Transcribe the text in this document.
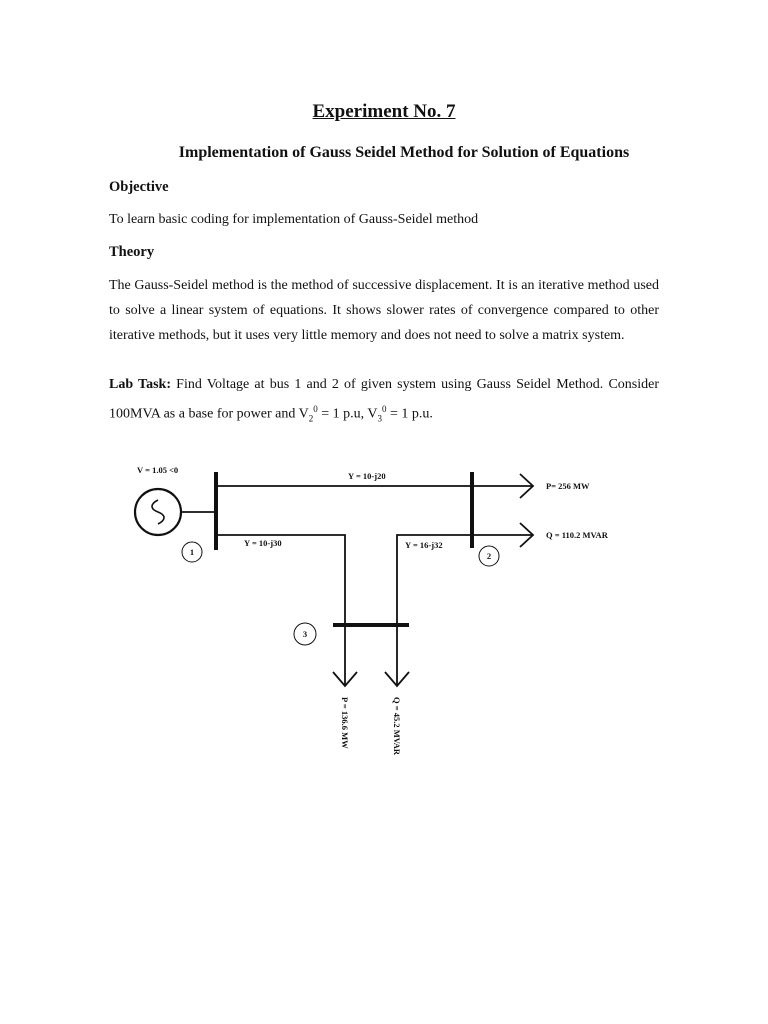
Experiment No. 7
Implementation of Gauss Seidel Method for Solution of Equations
Objective
To learn basic coding for implementation of Gauss-Seidel method
Theory
The Gauss-Seidel method is the method of successive displacement. It is an iterative method used
to solve a linear system of equations. It shows slower rates of convergence compared to other
iterative methods, but it uses very little memory and does not need to solve a matrix system.
Lab Task: Find Voltage at bus 1 and 2 of given system using Gauss Seidel Method. Consider
100MVA as a base for power and $V_2^0 = 1$ p.u, $V_3^0 = 1$ p.u.
V = 1.05 <0
1	2
Y = 10-j20
Y = 10-j30	Y = 16-j32
P= 256 MW
Q = 110.2 MVAR
3
P = 136.6 MW	Q = 45.2 MVAR
